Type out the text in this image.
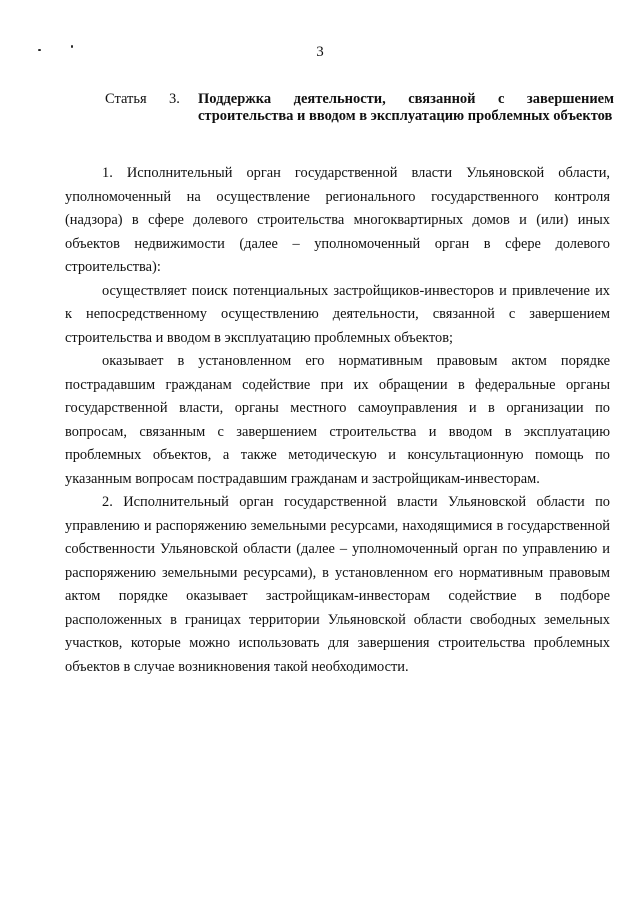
3
Статья 3. Поддержка деятельности, связанной с завершением строительства и вводом в эксплуатацию проблемных объектов

1. Исполнительный орган государственной власти Ульяновской области, уполномоченный на осуществление регионального государственного контроля (надзора) в сфере долевого строительства многоквартирных домов и (или) иных объектов недвижимости (далее – уполномоченный орган в сфере долевого строительства):

осуществляет поиск потенциальных застройщиков-инвесторов и привлечение их к непосредственному осуществлению деятельности, связанной с завершением строительства и вводом в эксплуатацию проблемных объектов;

оказывает в установленном его нормативным правовым актом порядке пострадавшим гражданам содействие при их обращении в федеральные органы государственной власти, органы местного самоуправления и в организации по вопросам, связанным с завершением строительства и вводом в эксплуатацию проблемных объектов, а также методическую и консультационную помощь по указанным вопросам пострадавшим гражданам и застройщикам-инвесторам.

2. Исполнительный орган государственной власти Ульяновской области по управлению и распоряжению земельными ресурсами, находящимися в государственной собственности Ульяновской области (далее – уполномоченный орган по управлению и распоряжению земельными ресурсами), в установленном его нормативным правовым актом порядке оказывает застройщикам-инвесторам содействие в подборе расположенных в границах территории Ульяновской области свободных земельных участков, которые можно использовать для завершения строительства проблемных объектов в случае возникновения такой необходимости.
